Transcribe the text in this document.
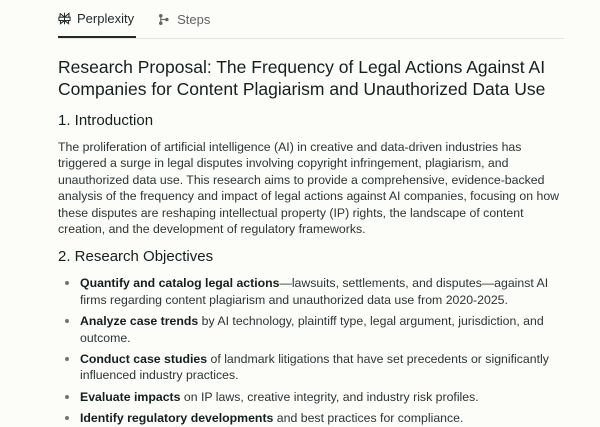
Perplexity	Steps
Research Proposal: The Frequency of Legal Actions Against AI Companies for Content Plagiarism and Unauthorized Data Use
1. Introduction

The proliferation of artificial intelligence (AI) in creative and data-driven industries has triggered a surge in legal disputes involving copyright infringement, plagiarism, and unauthorized data use. This research aims to provide a comprehensive, evidence-backed analysis of the frequency and impact of legal actions against AI companies, focusing on how these disputes are reshaping intellectual property (IP) rights, the landscape of content creation, and the development of regulatory frameworks.

2. Research Objectives
Quantify and catalog legal actions—lawsuits, settlements, and disputes—against AI firms regarding content plagiarism and unauthorized data use from 2020-2025.
Analyze case trends by AI technology, plaintiff type, legal argument, jurisdiction, and outcome.
Conduct case studies of landmark litigations that have set precedents or significantly influenced industry practices.
Evaluate impacts on IP laws, creative integrity, and industry risk profiles.
Identify regulatory developments and best practices for compliance.
